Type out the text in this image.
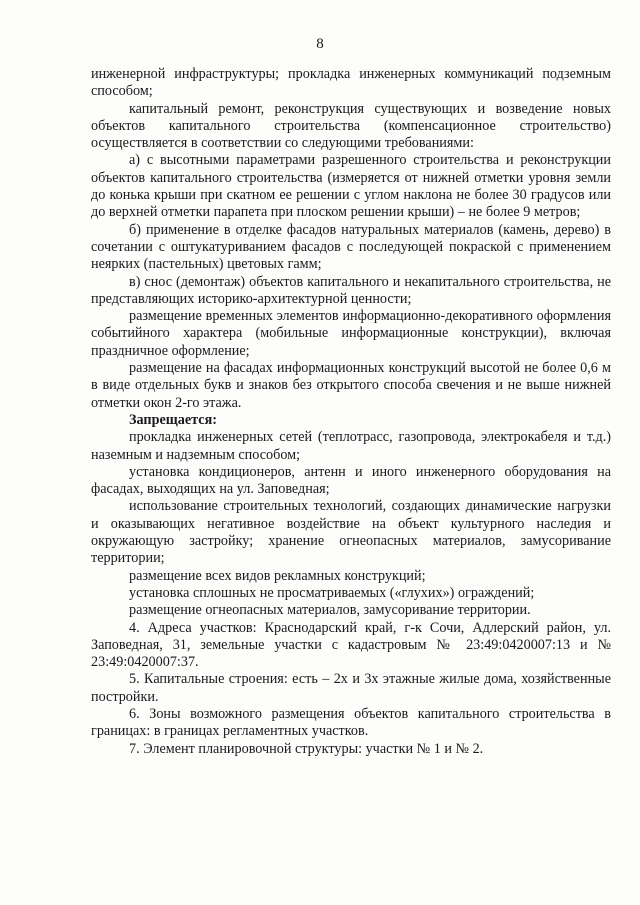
8

инженерной инфраструктуры; прокладка инженерных коммуникаций подземным способом;

капитальный ремонт, реконструкция существующих и возведение новых объектов капитального строительства (компенсационное строительство) осуществляется в соответствии со следующими требованиями:

а) с высотными параметрами разрешенного строительства и реконструкции объектов капитального строительства (измеряется от нижней отметки уровня земли до конька крыши при скатном ее решении с углом наклона не более 30 градусов или до верхней отметки парапета при плоском решении крыши) – не более 9 метров;

б) применение в отделке фасадов натуральных материалов (камень, дерево) в сочетании с оштукатуриванием фасадов с последующей покраской с применением неярких (пастельных) цветовых гамм;

в) снос (демонтаж) объектов капитального и некапитального строительства, не представляющих историко-архитектурной ценности;

размещение временных элементов информационно-декоративного оформления событийного характера (мобильные информационные конструкции), включая праздничное оформление;

размещение на фасадах информационных конструкций высотой не более 0,6 м в виде отдельных букв и знаков без открытого способа свечения и не выше нижней отметки окон 2-го этажа.

Запрещается:

прокладка инженерных сетей (теплотрасс, газопровода, электрокабеля и т.д.) наземным и надземным способом;

установка кондиционеров, антенн и иного инженерного оборудования на фасадах, выходящих на ул. Заповедная;

использование строительных технологий, создающих динамические нагрузки и оказывающих негативное воздействие на объект культурного наследия и окружающую застройку; хранение огнеопасных материалов, замусоривание территории;

размещение всех видов рекламных конструкций;

установка сплошных не просматриваемых («глухих») ограждений;

размещение огнеопасных материалов, замусоривание территории.

4. Адреса участков: Краснодарский край, г-к Сочи, Адлерский район, ул. Заповедная, 31, земельные участки с кадастровым № 23:49:0420007:13 и № 23:49:0420007:37.

5. Капитальные строения: есть – 2х и 3х этажные жилые дома, хозяйственные постройки.

6. Зоны возможного размещения объектов капитального строительства в границах: в границах регламентных участков.

7. Элемент планировочной структуры: участки № 1 и № 2.
